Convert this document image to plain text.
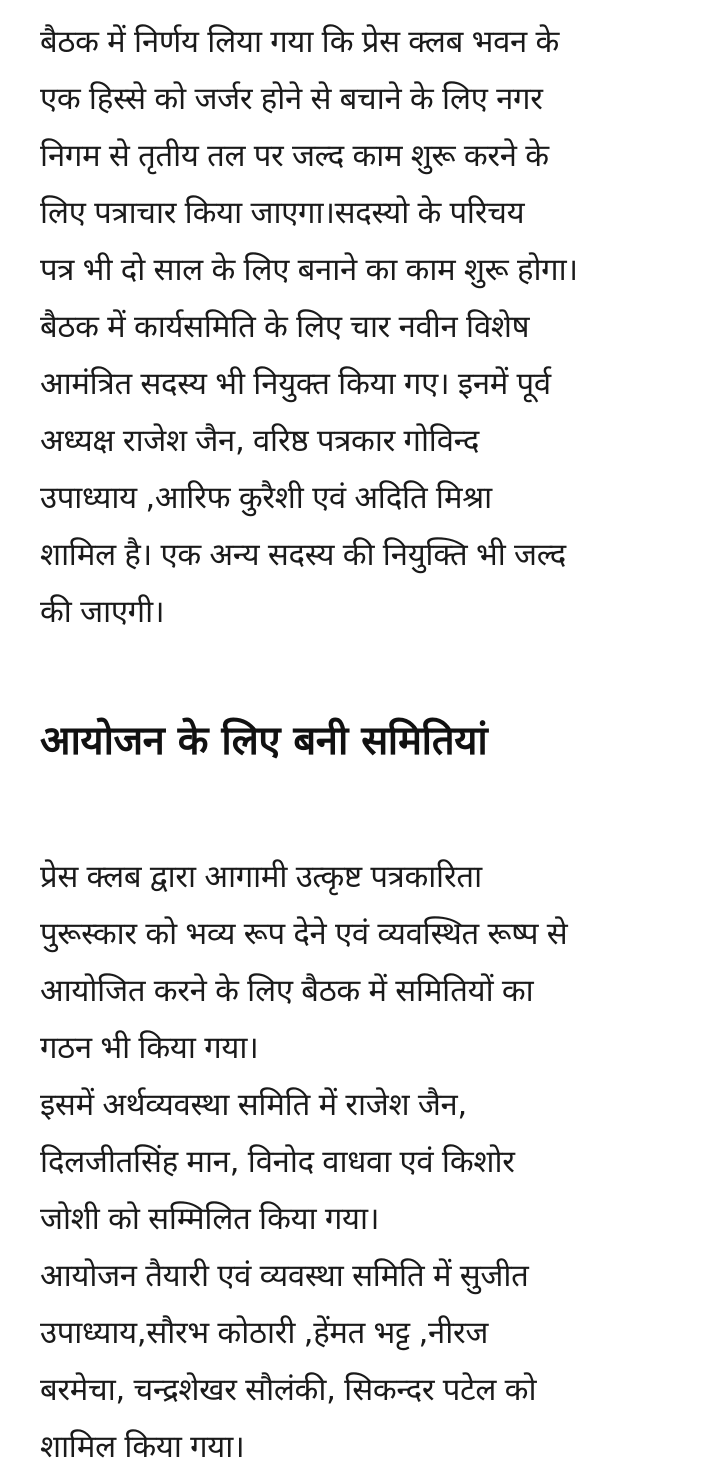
बैठक में निर्णय लिया गया कि प्रेस क्लब भवन के
एक हिस्से को जर्जर होने से बचाने के लिए नगर
निगम से तृतीय तल पर जल्द काम शुरू करने के
लिए पत्राचार किया जाएगा।सदस्यो के परिचय
पत्र भी दो साल के लिए बनाने का काम शुरू होगा।
बैठक में कार्यसमिति के लिए चार नवीन विशेष
आमंत्रित सदस्य भी नियुक्त किया गए। इनमें पूर्व
अध्यक्ष राजेश जैन, वरिष्ठ पत्रकार गोविन्द
उपाध्याय ,आरिफ कुरैशी एवं अदिति मिश्रा
शामिल है। एक अन्य सदस्य की नियुक्ति भी जल्द
की जाएगी।

आयोजन के लिए बनी समितियां

प्रेस क्लब द्वारा आगामी उत्कृष्ट पत्रकारिता
पुरूस्कार को भव्य रूप देने एवं व्यवस्थित रूष्प से
आयोजित करने के लिए बैठक में समितियों का
गठन भी किया गया।
इसमें अर्थव्यवस्था समिति में राजेश जैन,
दिलजीतसिंह मान, विनोद वाधवा एवं किशोर
जोशी को सम्मिलित किया गया।
आयोजन तैयारी एवं व्यवस्था समिति में सुजीत
उपाध्याय,सौरभ कोठारी ,हेंमत भट्ट ,नीरज
बरमेचा, चन्द्रशेखर सौलंकी, सिकन्दर पटेल को
शामिल किया गया।
